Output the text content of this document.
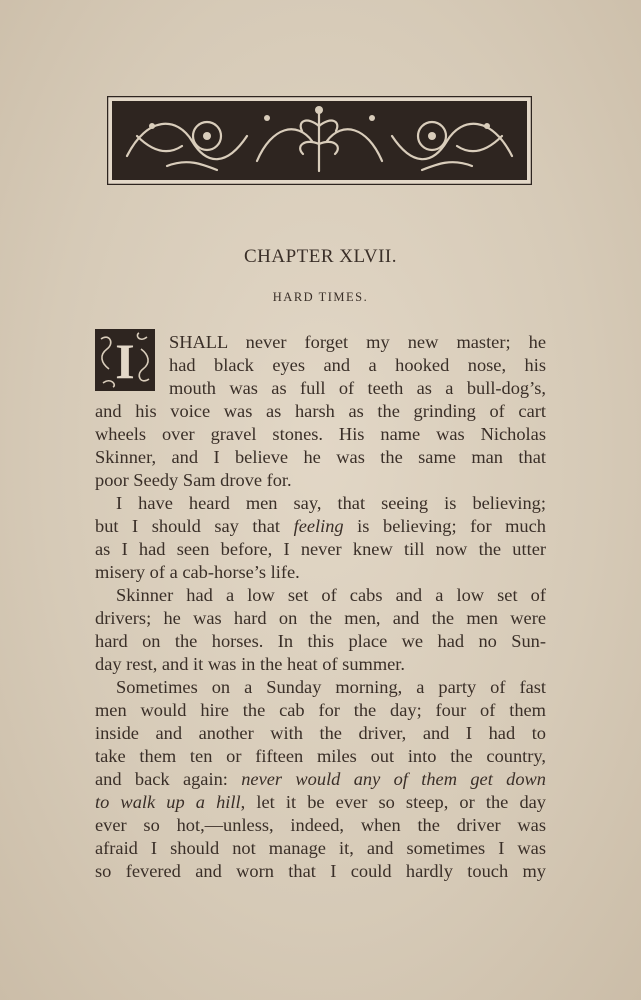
CHAPTER XLVII.
HARD TIMES.
I SHALL never forget my new master; he
had black eyes and a hooked nose, his
mouth was as full of teeth as a bull-dog’s,
and his voice was as harsh as the grinding of cart
wheels over gravel stones. His name was Nicholas
Skinner, and I believe he was the same man that
poor Seedy Sam drove for.
I have heard men say, that seeing is believing;
but I should say that feeling is believing; for much
as I had seen before, I never knew till now the utter
misery of a cab-horse’s life.
Skinner had a low set of cabs and a low set of
drivers; he was hard on the men, and the men were
hard on the horses. In this place we had no Sun-
day rest, and it was in the heat of summer.
Sometimes on a Sunday morning, a party of fast
men would hire the cab for the day; four of them
inside and another with the driver, and I had to
take them ten or fifteen miles out into the country,
and back again: never would any of them get down
to walk up a hill, let it be ever so steep, or the day
ever so hot,—unless, indeed, when the driver was
afraid I should not manage it, and sometimes I was
so fevered and worn that I could hardly touch my
